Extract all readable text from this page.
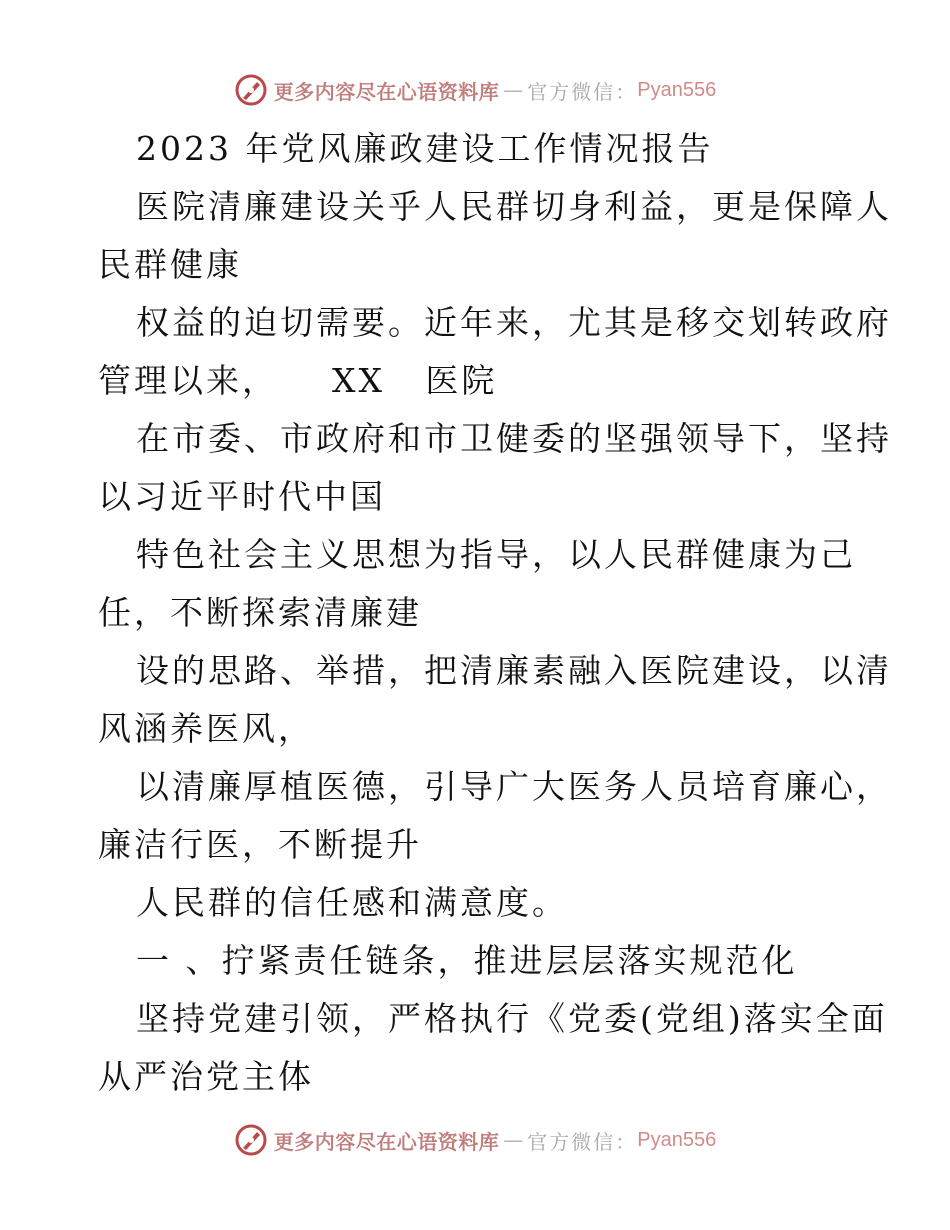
更多内容尽在心语资料库 — 官方微信： Pyan556
2023 年党风廉政建设工作情况报告
医院清廉建设关乎人民群切身利益，更是保障人
民群健康
权益的迫切需要。近年来，尤其是移交划转政府
管理以来，    XX   医院
在市委、市政府和市卫健委的坚强领导下，坚持
以习近平时代中国
特色社会主义思想为指导，以人民群健康为己
任，不断探索清廉建
设的思路、举措，把清廉素融入医院建设，以清
风涵养医风，
以清廉厚植医德，引导广大医务人员培育廉心，
廉洁行医，不断提升
人民群的信任感和满意度。
一 、拧紧责任链条，推进层层落实规范化
坚持党建引领，严格执行《党委(党组)落实全面
从严治党主体
更多内容尽在心语资料库 — 官方微信： Pyan556
